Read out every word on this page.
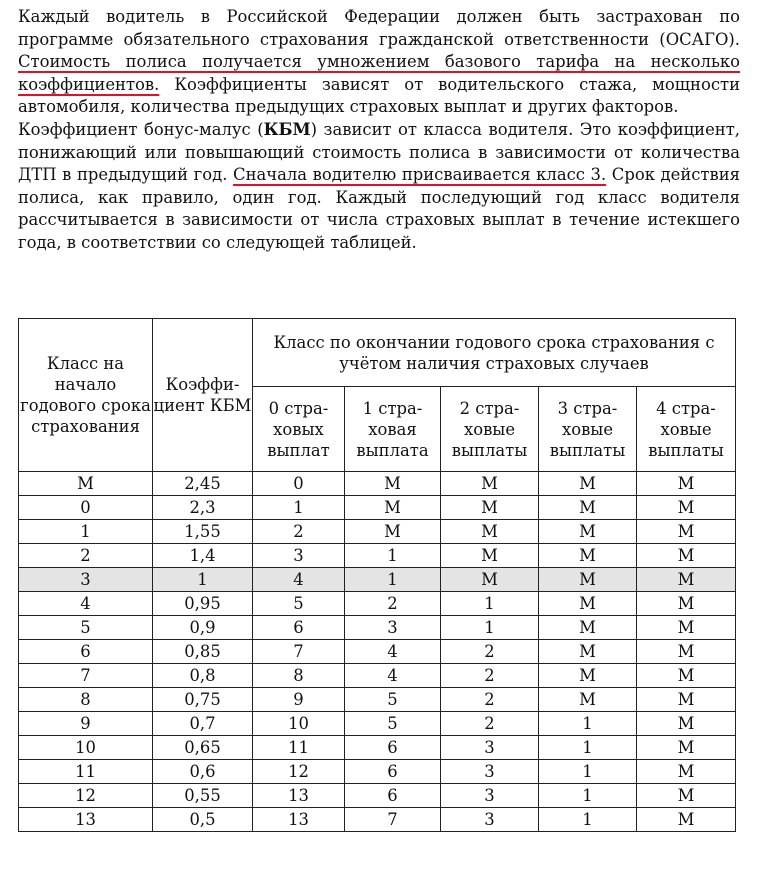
Каждый водитель в Российской Федерации должен быть застрахован по программе обязательного страхования гражданской ответственности (ОСАГО). Стоимость полиса получается умножением базового тарифа на несколько коэффициентов. Коэффициенты зависят от водительского стажа, мощности автомобиля, количества предыдущих страховых выплат и других факторов.

Коэффициент бонус-малус (КБМ) зависит от класса водителя. Это коэффициент, понижающий или повышающий стоимость полиса в зависимости от количества ДТП в предыдущий год. Сначала водителю присваивается класс 3. Срок действия полиса, как правило, один год. Каждый последующий год класс водителя рассчитывается в зависимости от числа страховых выплат в течение истекшего года, в соответствии со следующей таблицей.

Класс на начало годового срока страхования	Коэффи- циент КБМ	Класс по окончании годового срока страхования с учётом наличия страховых случаев				
		0 стра- ховых выплат	1 стра- ховая выплата	2 стра- ховые выплаты	3 стра- ховые выплаты	4 стра- ховые выплаты
М	2,45	0	М	М	М	М
0	2,3	1	М	М	М	М
1	1,55	2	М	М	М	М
2	1,4	3	1	М	М	М
3	1	4	1	М	М	М
4	0,95	5	2	1	М	М
5	0,9	6	3	1	М	М
6	0,85	7	4	2	М	М
7	0,8	8	4	2	М	М
8	0,75	9	5	2	М	М
9	0,7	10	5	2	1	М
10	0,65	11	6	3	1	М
11	0,6	12	6	3	1	М
12	0,55	13	6	3	1	М
13	0,5	13	7	3	1	М
